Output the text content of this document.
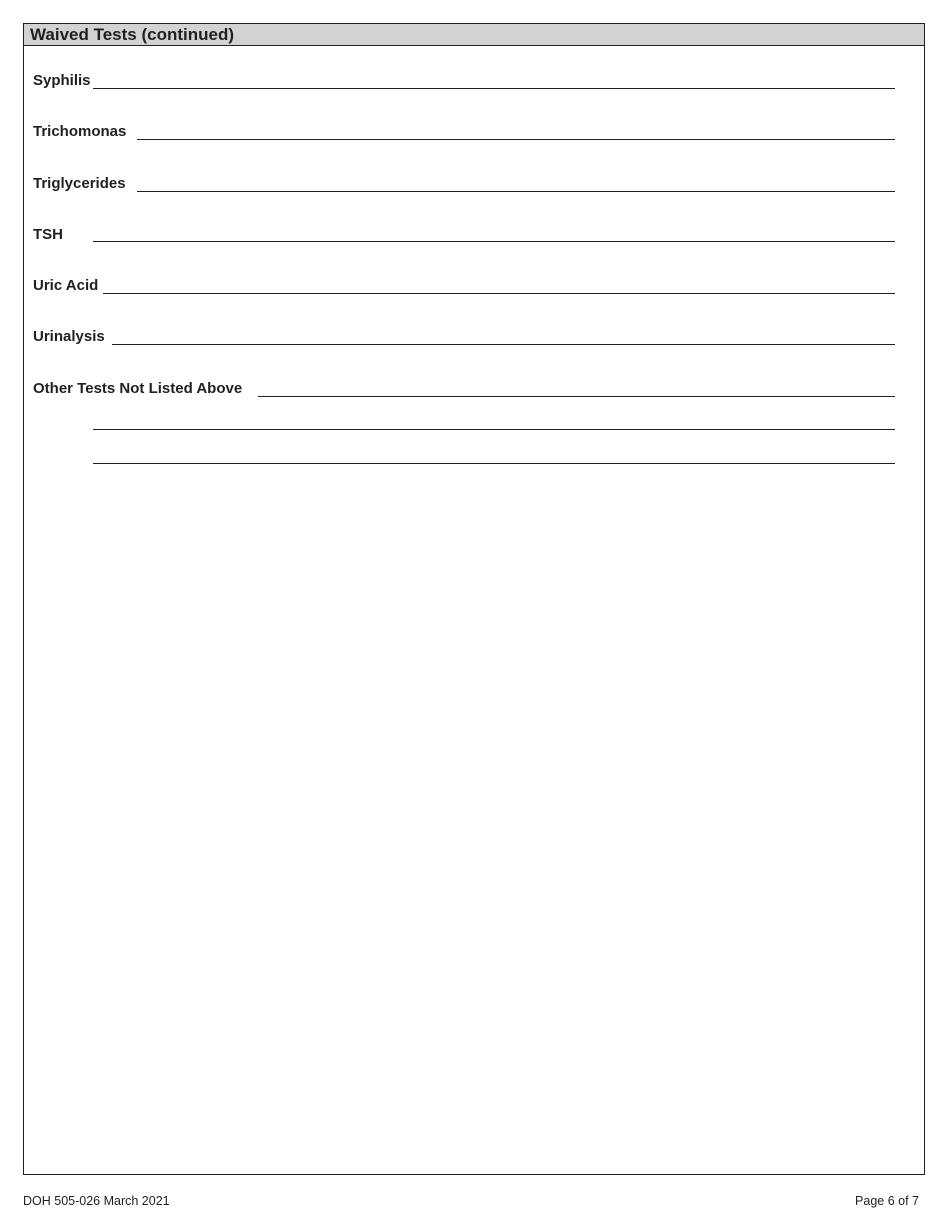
Waived Tests (continued)
Syphilis
Trichomonas
Triglycerides
TSH
Uric Acid
Urinalysis
Other Tests Not Listed Above
DOH 505-026 March 2021	Page 6 of 7
